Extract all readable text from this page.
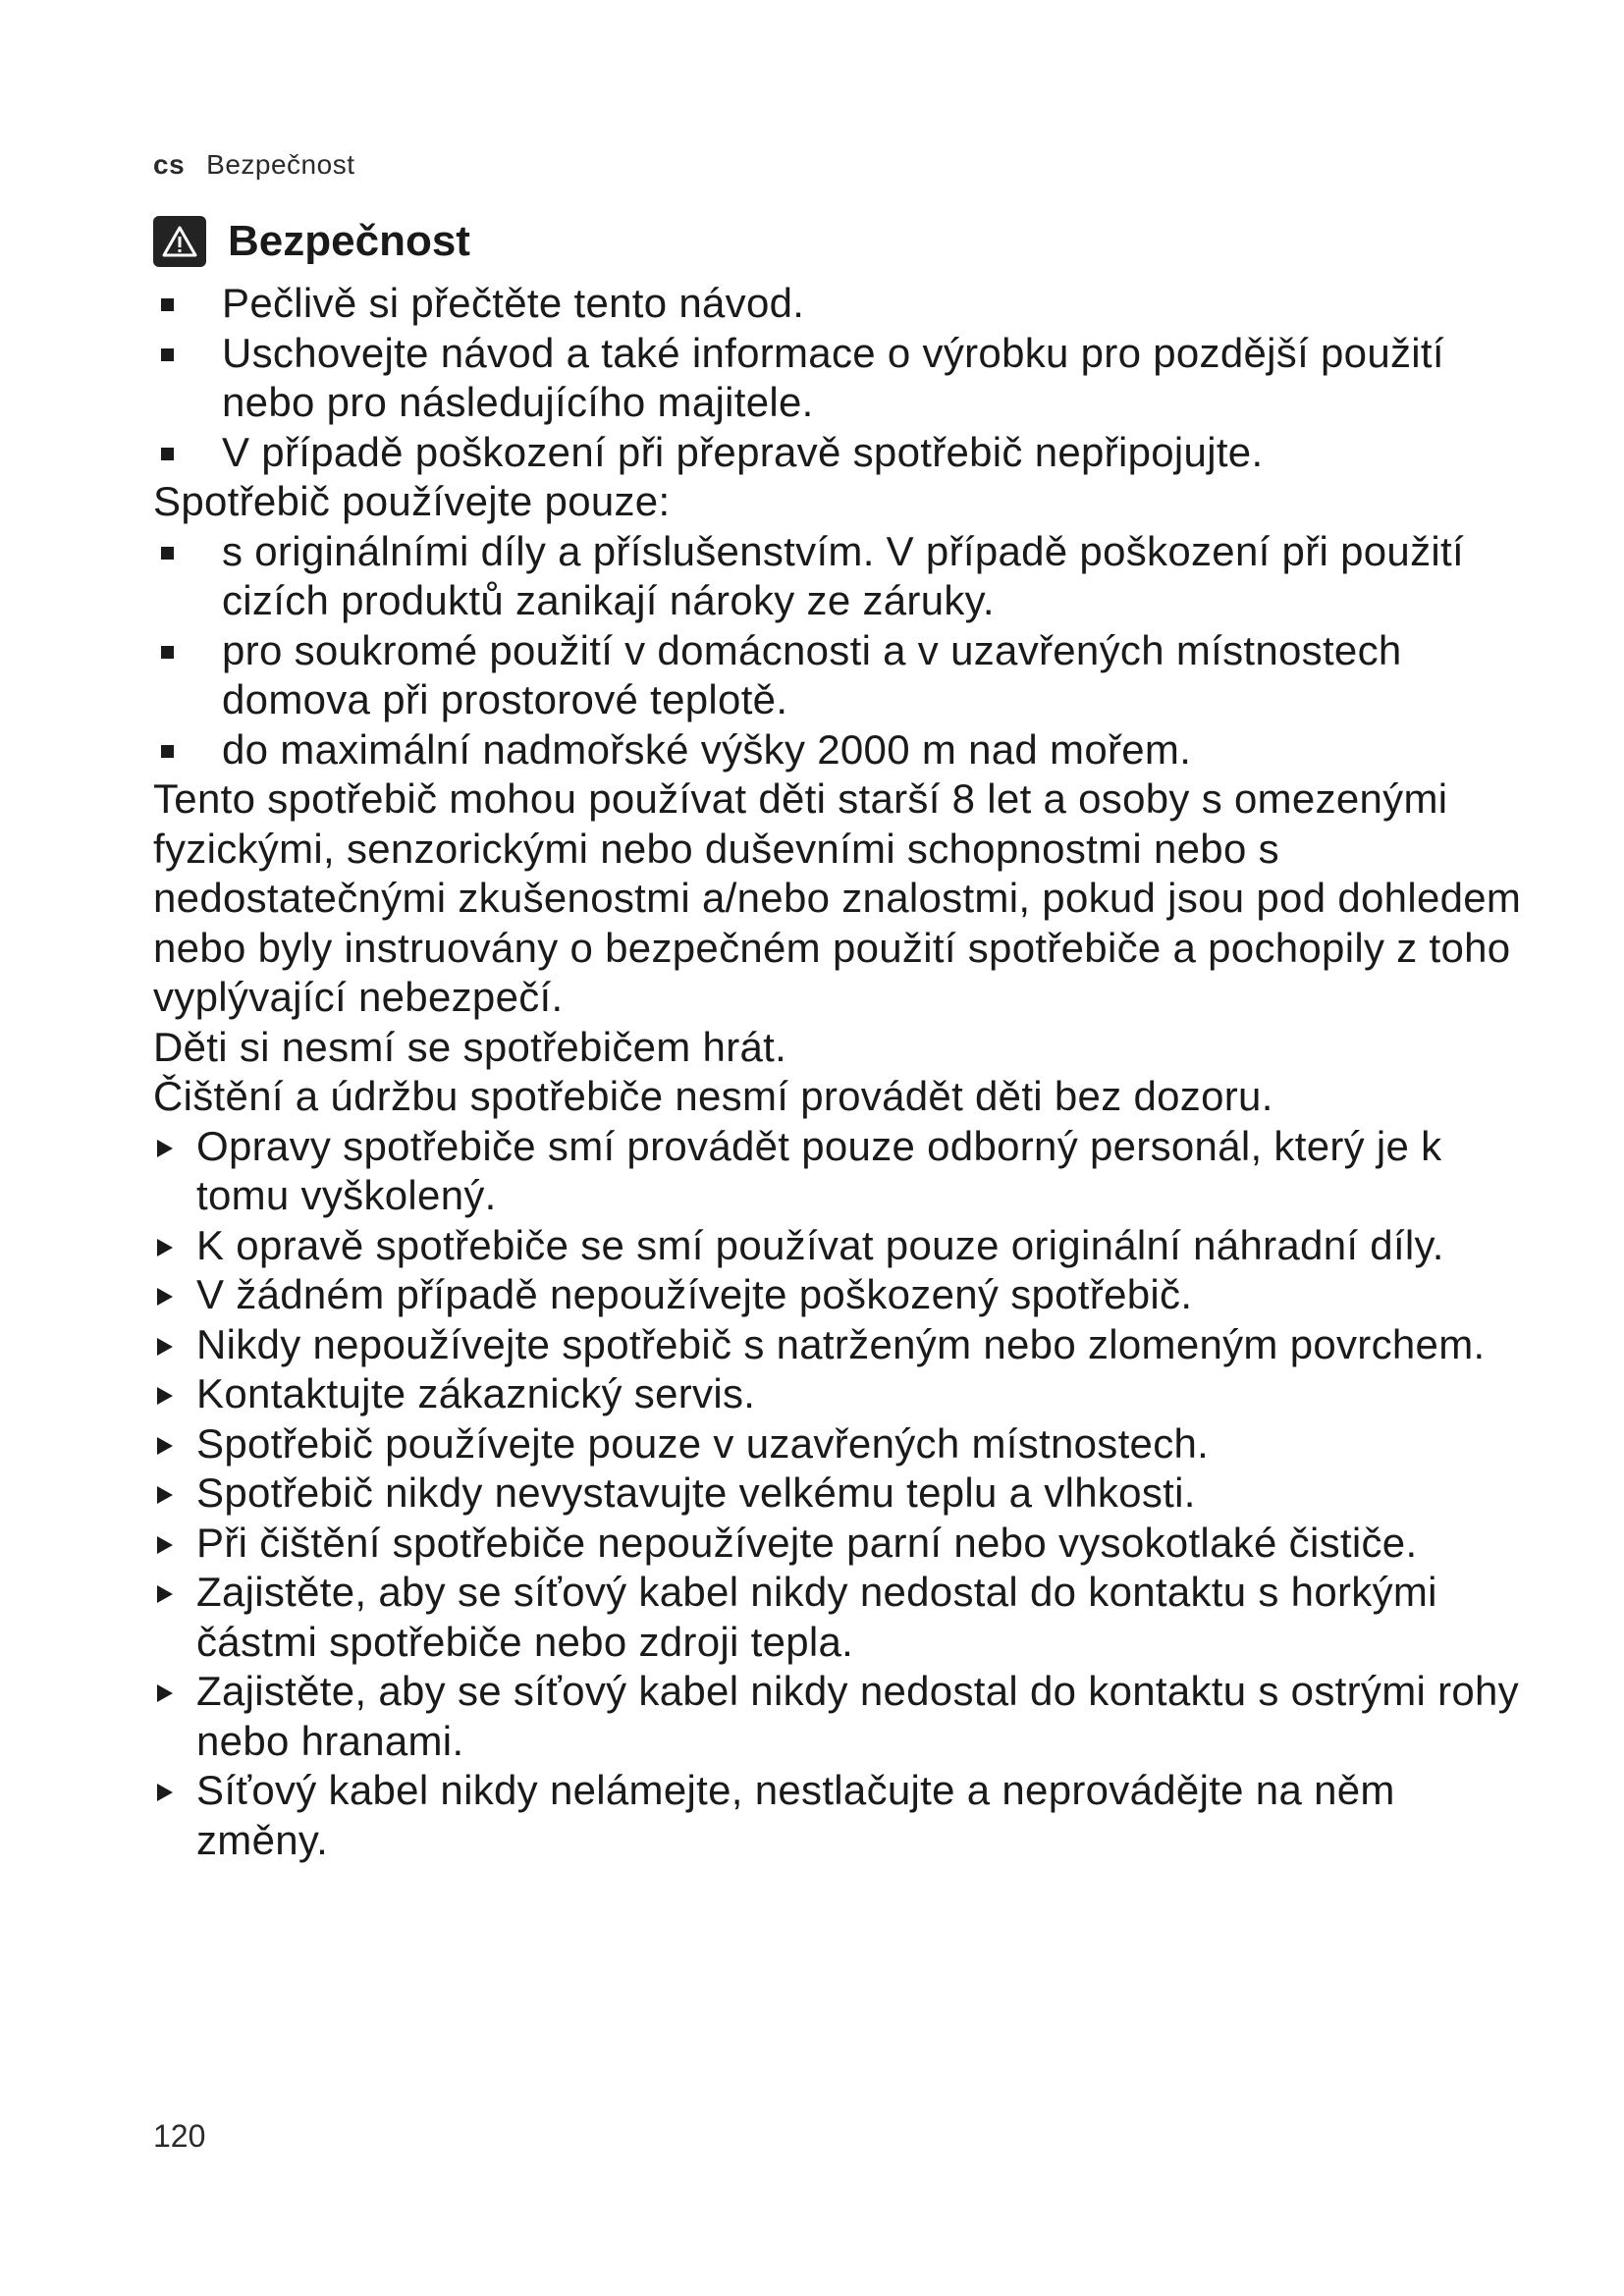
cs Bezpečnost
Bezpečnost
Pečlivě si přečtěte tento návod.
Uschovejte návod a také informace o výrobku pro pozdější použití nebo pro následujícího majitele.
V případě poškození při přepravě spotřebič nepřipojujte.
Spotřebič používejte pouze:
s originálními díly a příslušenstvím. V případě poškození při použití cizích produktů zanikají nároky ze záruky.
pro soukromé použití v domácnosti a v uzavřených místnostech domova při prostorové teplotě.
do maximální nadmořské výšky 2000 m nad mořem.
Tento spotřebič mohou používat děti starší 8 let a osoby s omezenými fyzickými, senzorickými nebo duševními schopnostmi nebo s nedostatečnými zkušenostmi a/nebo znalostmi, pokud jsou pod dohledem nebo byly instruovány o bezpečném použití spotřebiče a pochopily z toho vyplývající nebezpečí.
Děti si nesmí se spotřebičem hrát.
Čištění a údržbu spotřebiče nesmí provádět děti bez dozoru.
Opravy spotřebiče smí provádět pouze odborný personál, který je k tomu vyškolený.
K opravě spotřebiče se smí používat pouze originální náhradní díly.
V žádném případě nepoužívejte poškozený spotřebič.
Nikdy nepoužívejte spotřebič s natrženým nebo zlomeným povrchem.
Kontaktujte zákaznický servis.
Spotřebič používejte pouze v uzavřených místnostech.
Spotřebič nikdy nevystavujte velkému teplu a vlhkosti.
Při čištění spotřebiče nepoužívejte parní nebo vysokotlaké čističe.
Zajistěte, aby se síťový kabel nikdy nedostal do kontaktu s horkými částmi spotřebiče nebo zdroji tepla.
Zajistěte, aby se síťový kabel nikdy nedostal do kontaktu s ostrými rohy nebo hranami.
Síťový kabel nikdy nelámejte, nestlačujte a neprovádějte na něm změny.
120
